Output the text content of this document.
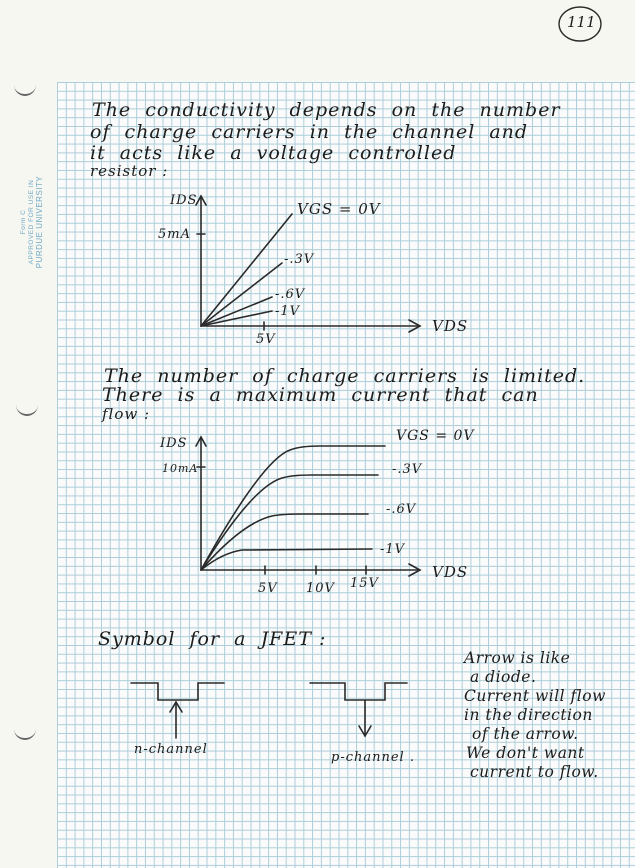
Form C APPROVED FOR USE IN PURDUE UNIVERSITY
111
The  conductivity  depends  on  the  number
of  charge  carriers  in  the  channel  and
it  acts  like  a  voltage  controlled
resistor :
IDS
5mA
5V
VDS
VGS = 0V
-.3V
-.6V
-1V
The  number  of  charge  carriers  is  limited.
There  is  a  maximum  current  that  can
flow :
IDS
10mA
5V 10V 15V
VDS
VGS = 0V
-.3V
-.6V
-1V
Symbol  for  a  JFET :
n-channel
p-channel .
Arrow is like
a diode.
Current will flow
in the direction
of the arrow.
We don't want
current to flow.
